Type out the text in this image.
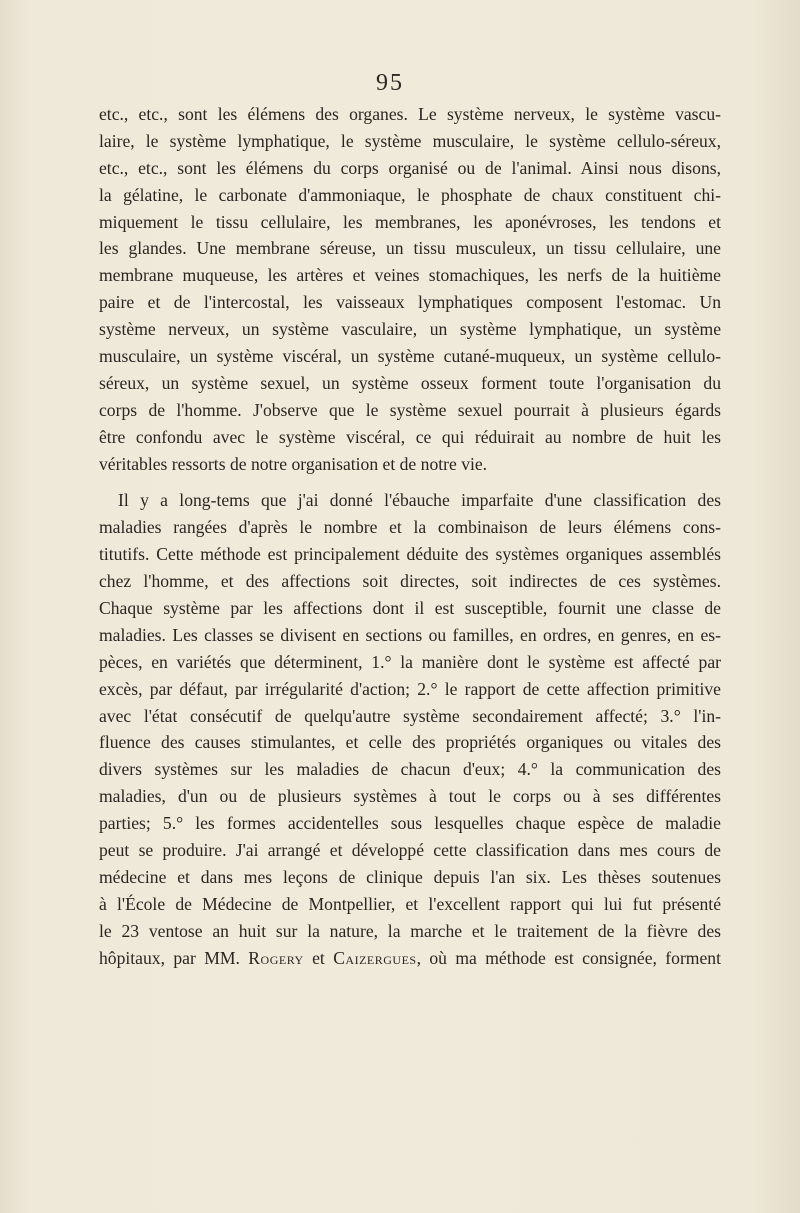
95
etc., etc., sont les élémens des organes. Le système nerveux, le système vascu-
laire, le système lymphatique, le système musculaire, le système cellulo-séreux,
etc., etc., sont les élémens du corps organisé ou de l'animal. Ainsi nous disons,
la gélatine, le carbonate d'ammoniaque, le phosphate de chaux constituent chi-
miquement le tissu cellulaire, les membranes, les aponévroses, les tendons et
les glandes. Une membrane séreuse, un tissu musculeux, un tissu cellulaire, une
membrane muqueuse, les artères et veines stomachiques, les nerfs de la huitième
paire et de l'intercostal, les vaisseaux lymphatiques composent l'estomac. Un
système nerveux, un système vasculaire, un système lymphatique, un système
musculaire, un système viscéral, un système cutané-muqueux, un système cellulo-
séreux, un système sexuel, un système osseux forment toute l'organisation du
corps de l'homme. J'observe que le système sexuel pourrait à plusieurs égards
être confondu avec le système viscéral, ce qui réduirait au nombre de huit les
véritables ressorts de notre organisation et de notre vie.
Il y a long-tems que j'ai donné l'ébauche imparfaite d'une classification des
maladies rangées d'après le nombre et la combinaison de leurs élémens cons-
titutifs. Cette méthode est principalement déduite des systèmes organiques assemblés
chez l'homme, et des affections soit directes, soit indirectes de ces systèmes.
Chaque système par les affections dont il est susceptible, fournit une classe de
maladies. Les classes se divisent en sections ou familles, en ordres, en genres, en es-
pèces, en variétés que déterminent, 1.° la manière dont le système est affecté par
excès, par défaut, par irrégularité d'action; 2.° le rapport de cette affection primitive
avec l'état consécutif de quelqu'autre système secondairement affecté; 3.° l'in-
fluence des causes stimulantes, et celle des propriétés organiques ou vitales des
divers systèmes sur les maladies de chacun d'eux; 4.° la communication des
maladies, d'un ou de plusieurs systèmes à tout le corps ou à ses différentes
parties; 5.° les formes accidentelles sous lesquelles chaque espèce de maladie
peut se produire. J'ai arrangé et développé cette classification dans mes cours de
médecine et dans mes leçons de clinique depuis l'an six. Les thèses soutenues
à l'École de Médecine de Montpellier, et l'excellent rapport qui lui fut présenté
le 23 ventose an huit sur la nature, la marche et le traitement de la fièvre des
hôpitaux, par MM. Rogery et Caizergues, où ma méthode est consignée, forment
